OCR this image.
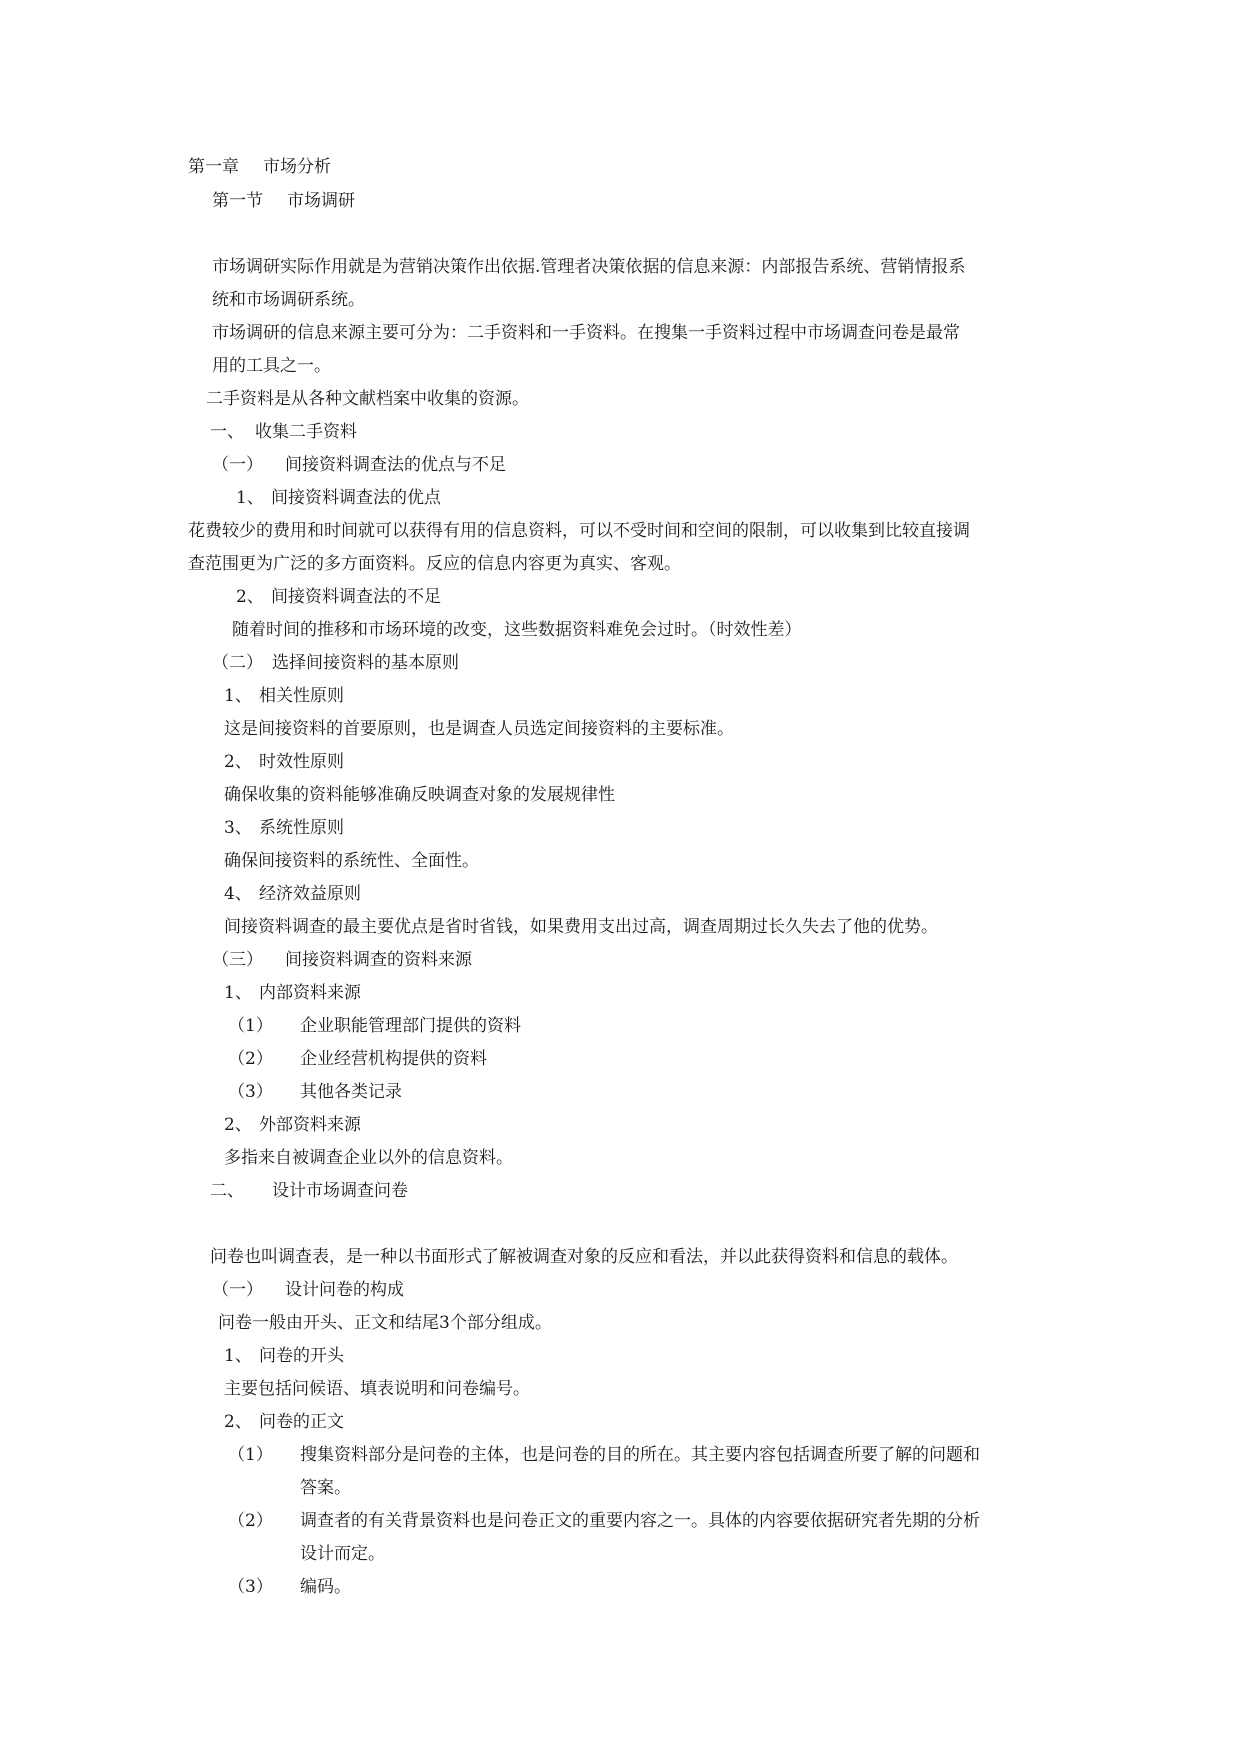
第一章 市场分析
第一节 市场调研
市场调研实际作用就是为营销决策作出依据.管理者决策依据的信息来源：内部报告系统、营销情报系
统和市场调研系统。
市场调研的信息来源主要可分为：二手资料和一手资料。在搜集一手资料过程中市场调查问卷是最常
用的工具之一。
二手资料是从各种文献档案中收集的资源。
一、 收集二手资料
（一） 间接资料调查法的优点与不足
1、 间接资料调查法的优点
花费较少的费用和时间就可以获得有用的信息资料，可以不受时间和空间的限制，可以收集到比较直接调
查范围更为广泛的多方面资料。反应的信息内容更为真实、客观。
2、 间接资料调查法的不足
随着时间的推移和市场环境的改变，这些数据资料难免会过时。（时效性差）
（二） 选择间接资料的基本原则
1、 相关性原则
这是间接资料的首要原则，也是调查人员选定间接资料的主要标准。
2、 时效性原则
确保收集的资料能够准确反映调查对象的发展规律性
3、 系统性原则
确保间接资料的系统性、全面性。
4、 经济效益原则
间接资料调查的最主要优点是省时省钱，如果费用支出过高，调查周期过长久失去了他的优势。
（三） 间接资料调查的资料来源
1、 内部资料来源
（1） 企业职能管理部门提供的资料
（2） 企业经营机构提供的资料
（3） 其他各类记录
2、 外部资料来源
多指来自被调查企业以外的信息资料。
二、 设计市场调查问卷
问卷也叫调查表，是一种以书面形式了解被调查对象的反应和看法，并以此获得资料和信息的载体。
（一） 设计问卷的构成
问卷一般由开头、正文和结尾3个部分组成。
1、 问卷的开头
主要包括问候语、填表说明和问卷编号。
2、 问卷的正文
（1） 搜集资料部分是问卷的主体，也是问卷的目的所在。其主要内容包括调查所要了解的问题和
答案。
（2） 调查者的有关背景资料也是问卷正文的重要内容之一。具体的内容要依据研究者先期的分析
设计而定。
（3） 编码。
